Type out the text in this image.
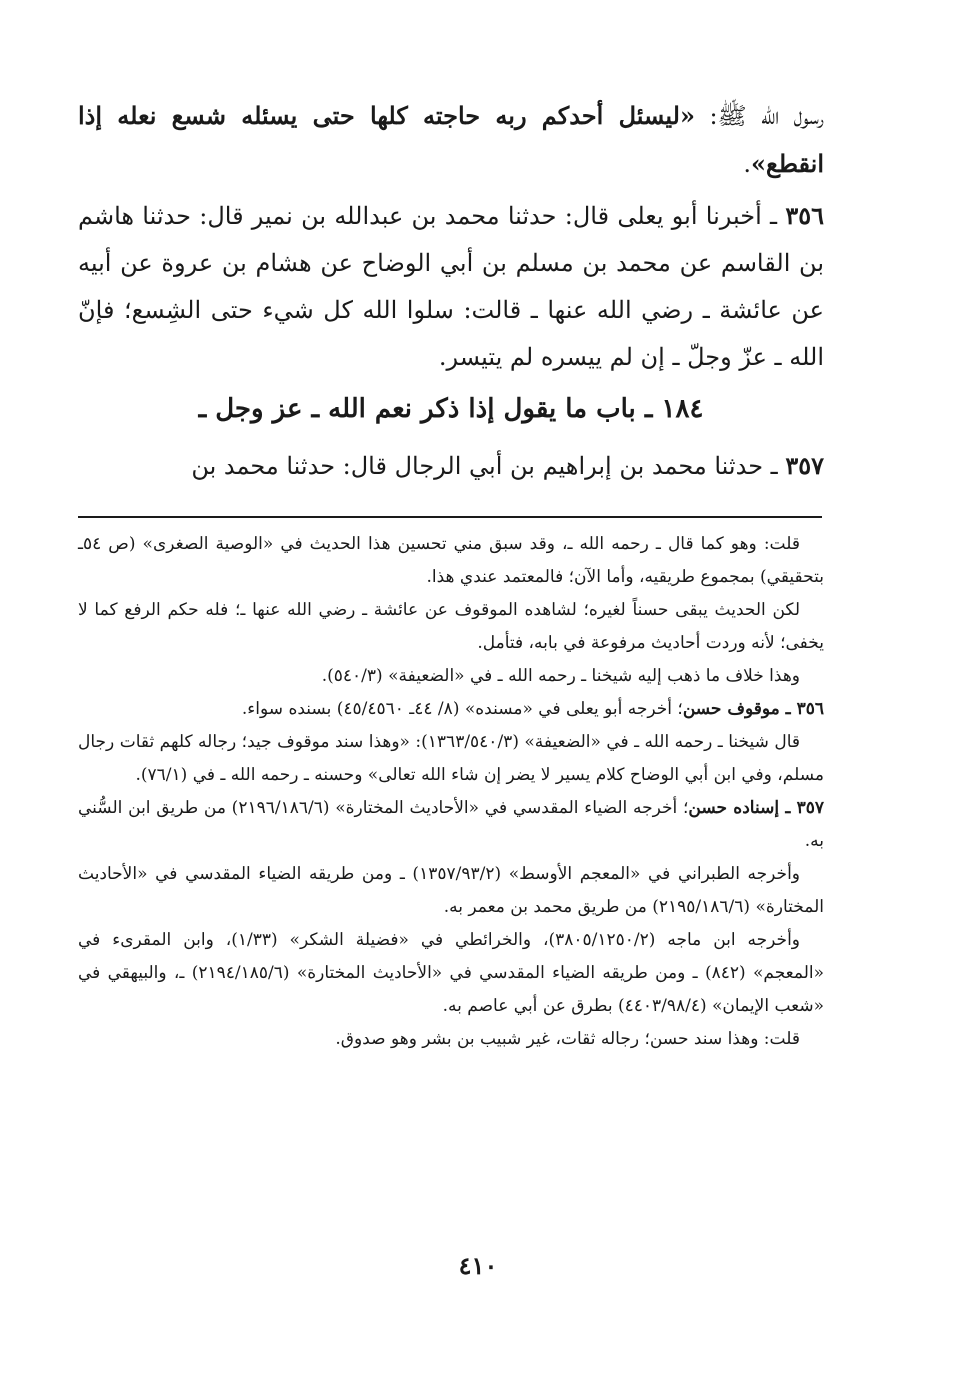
رسول الله ﷺ: «ليسئل أحدكم ربه حاجته كلها حتى يسئله شسع نعله إذا انقطع».

٣٥٦ ـ أخبرنا أبو يعلى قال: حدثنا محمد بن عبدالله بن نمير قال: حدثنا هاشم بن القاسم عن محمد بن مسلم بن أبي الوضاح عن هشام بن عروة عن أبيه عن عائشة ـ رضي الله عنها ـ قالت: سلوا الله كل شيء حتى الشِسع؛ فإنّ الله ـ عزّ وجلّ ـ إن لم ييسره لم يتيسر.

١٨٤ ـ باب ما يقول إذا ذكر نعم الله ـ عز وجل ـ

٣٥٧ ـ حدثنا محمد بن إبراهيم بن أبي الرجال قال: حدثنا محمد بن

قلت: وهو كما قال ـ رحمه الله ـ، وقد سبق مني تحسين هذا الحديث في «الوصية الصغرى» (ص ٥٤ـ بتحقيقي) بمجموع طريقيه، وأما الآن؛ فالمعتمد عندي هذا.

لكن الحديث يبقى حسناً لغيره؛ لشاهده الموقوف عن عائشة ـ رضي الله عنها ـ؛ فله حكم الرفع كما لا يخفى؛ لأنه وردت أحاديث مرفوعة في بابه، فتأمل.

وهذا خلاف ما ذهب إليه شيخنا ـ رحمه الله ـ في «الضعيفة» (٥٤٠/٣).

٣٥٦ ـ موقوف حسن؛ أخرجه أبو يعلى في «مسنده» (٨/ ٤٤ـ ٤٥/٤٥٦٠) بسنده سواء.

قال شيخنا ـ رحمه الله ـ في «الضعيفة» (١٣٦٣/٥٤٠/٣): «وهذا سند موقوف جيد؛ رجاله كلهم ثقات رجال مسلم، وفي ابن أبي الوضاح كلام يسير لا يضر إن شاء الله تعالى» وحسنه ـ رحمه الله ـ في (٧٦/١).

٣٥٧ ـ إسناده حسن؛ أخرجه الضياء المقدسي في «الأحاديث المختارة» (٢١٩٦/١٨٦/٦) من طريق ابن السُّني به.

وأخرجه الطبراني في «المعجم الأوسط» (١٣٥٧/٩٣/٢) ـ ومن طريقه الضياء المقدسي في «الأحاديث المختارة» (٢١٩٥/١٨٦/٦) من طريق محمد بن معمر به.

وأخرجه ابن ماجه (٣٨٠٥/١٢٥٠/٢)، والخرائطي في «فضيلة الشكر» (١/٣٣)، وابن المقرىء في «المعجم» (٨٤٢) ـ ومن طريقه الضياء المقدسي في «الأحاديث المختارة» (٢١٩٤/١٨٥/٦) ـ، والبيهقي في «شعب الإيمان» (٤٤٠٣/٩٨/٤) بطرق عن أبي عاصم به.

قلت: وهذا سند حسن؛ رجاله ثقات، غير شبيب بن بشر وهو صدوق.

٤١٠
